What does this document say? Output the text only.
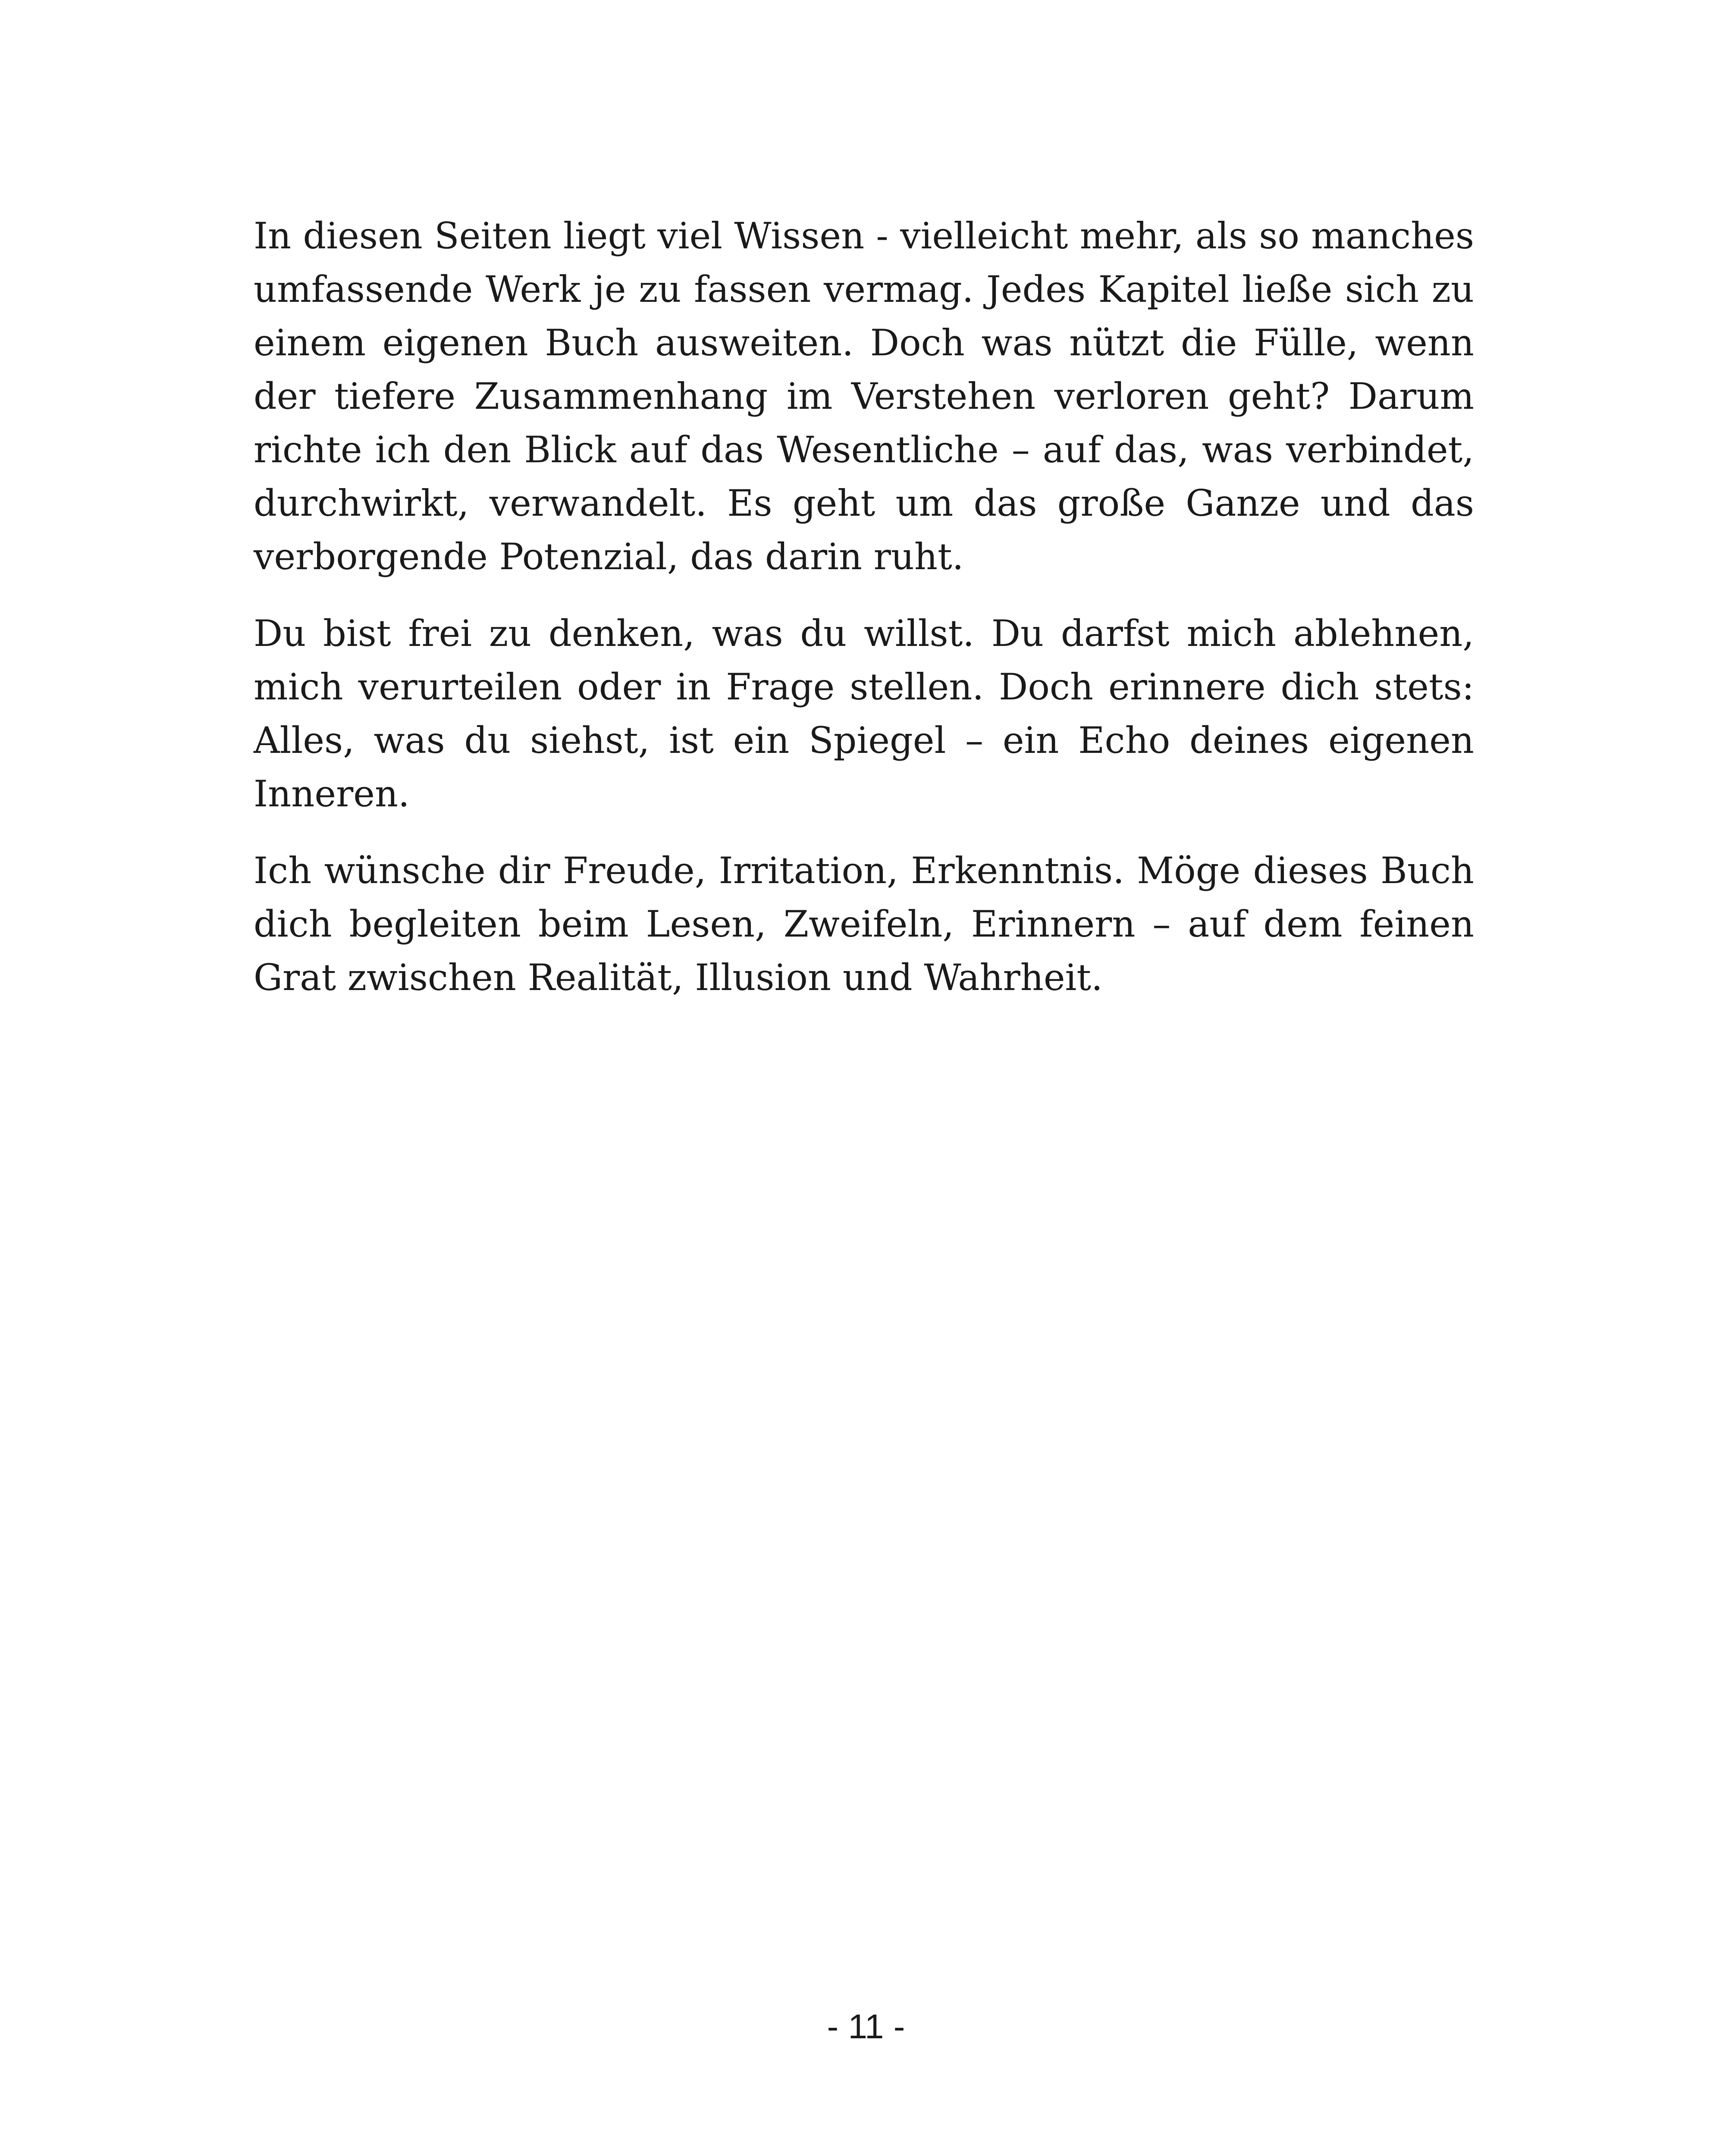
In diesen Seiten liegt viel Wissen - vielleicht mehr, als so manches umfassende Werk je zu fassen vermag. Jedes Kapitel ließe sich zu einem eigenen Buch ausweiten. Doch was nützt die Fülle, wenn der tiefere Zusammenhang im Verstehen verloren geht? Darum richte ich den Blick auf das Wesentliche – auf das, was verbindet, durchwirkt, verwandelt. Es geht um das große Ganze und das verborgende Potenzial, das darin ruht.

Du bist frei zu denken, was du willst. Du darfst mich ablehnen, mich verurteilen oder in Frage stellen. Doch erinnere dich stets: Alles, was du siehst, ist ein Spiegel – ein Echo deines eigenen Inneren.

Ich wünsche dir Freude, Irritation, Erkenntnis. Möge dieses Buch dich begleiten beim Lesen, Zweifeln, Erinnern – auf dem feinen Grat zwischen Realität, Illusion und Wahrheit.

- 11 -
